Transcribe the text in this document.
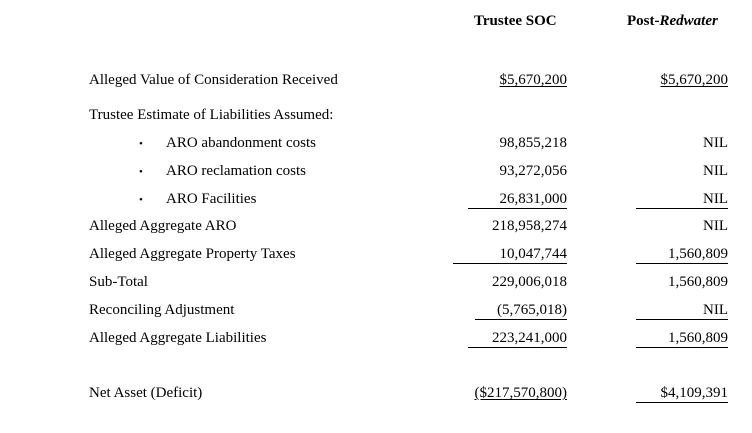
Trustee SOC	Post-Redwater
Alleged Value of Consideration Received	$5,670,200	$5,670,200
Trustee Estimate of Liabilities Assumed:
• ARO abandonment costs	98,855,218	NIL
• ARO reclamation costs	93,272,056	NIL
• ARO Facilities	26,831,000	NIL
Alleged Aggregate ARO	218,958,274	NIL
Alleged Aggregate Property Taxes	10,047,744	1,560,809
Sub-Total	229,006,018	1,560,809
Reconciling Adjustment	(5,765,018)	NIL
Alleged Aggregate Liabilities	223,241,000	1,560,809
Net Asset (Deficit)	($217,570,800)	$4,109,391
